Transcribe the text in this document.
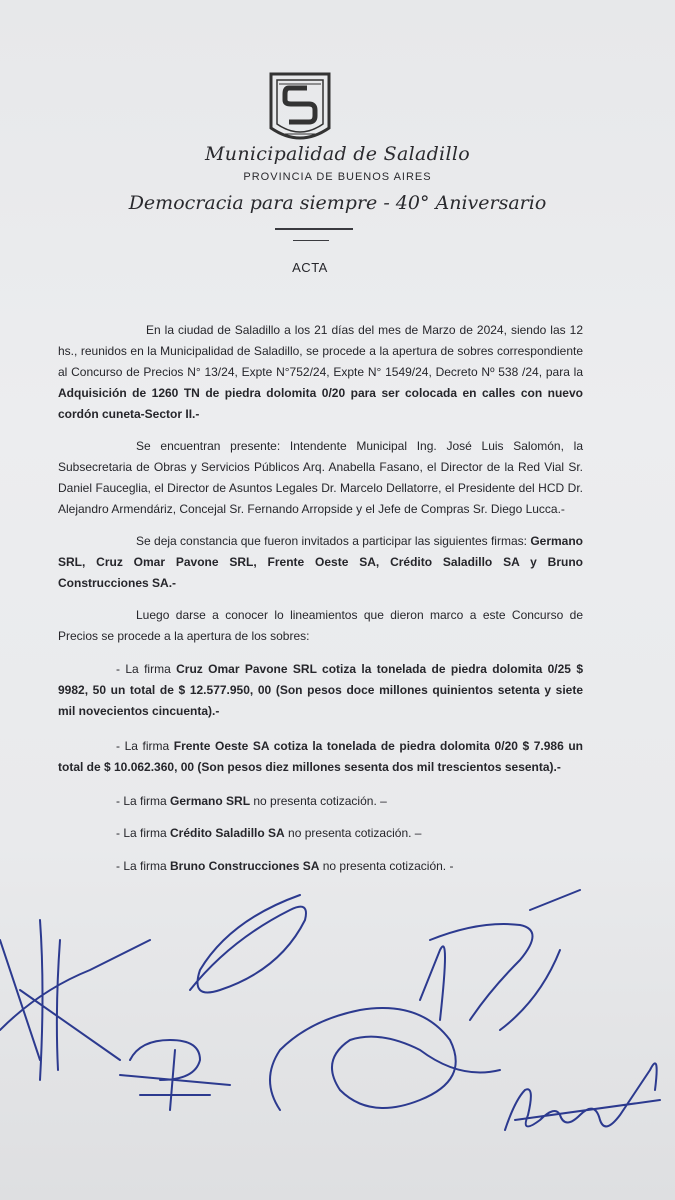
Municipalidad de Saladillo
PROVINCIA DE BUENOS AIRES
Democracia para siempre - 40° Aniversario
ACTA

En la ciudad de Saladillo a los 21 días del mes de Marzo de 2024, siendo las 12 hs., reunidos en la Municipalidad de Saladillo, se procede a la apertura de sobres correspondiente al Concurso de Precios N° 13/24, Expte N°752/24, Expte N° 1549/24, Decreto Nº 538 /24, para la Adquisición de 1260 TN de piedra dolomita 0/20 para ser colocada en calles con nuevo cordón cuneta-Sector II.-

Se encuentran presente: Intendente Municipal Ing. José Luis Salomón, la Subsecretaria de Obras y Servicios Públicos Arq. Anabella Fasano, el Director de la Red Vial Sr. Daniel Fauceglia, el Director de Asuntos Legales Dr. Marcelo Dellatorre, el Presidente del HCD Dr. Alejandro Armendáriz, Concejal Sr. Fernando Arropside y el Jefe de Compras Sr. Diego Lucca.-

Se deja constancia que fueron invitados a participar las siguientes firmas: Germano SRL, Cruz Omar Pavone SRL, Frente Oeste SA, Crédito Saladillo SA y Bruno Construcciones SA.-

Luego darse a conocer lo lineamientos que dieron marco a este Concurso de Precios se procede a la apertura de los sobres:

- La firma Cruz Omar Pavone SRL cotiza la tonelada de piedra dolomita 0/25 $ 9982, 50 un total de $ 12.577.950, 00 (Son pesos doce millones quinientos setenta y siete mil novecientos cincuenta).-

- La firma Frente Oeste SA cotiza la tonelada de piedra dolomita 0/20 $ 7.986 un total de $ 10.062.360, 00 (Son pesos diez millones sesenta dos mil trescientos sesenta).-

- La firma Germano SRL no presenta cotización. –

- La firma Crédito Saladillo SA no presenta cotización. –

- La firma Bruno Construcciones SA no presenta cotización. -
